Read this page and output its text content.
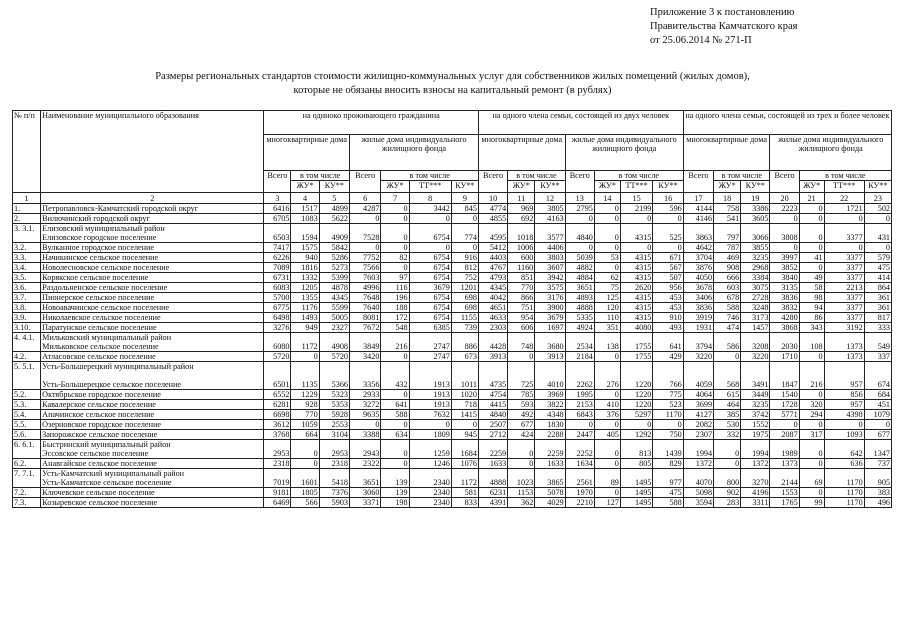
Приложение 3 к постановлению
Правительства Камчатского края
от 25.06.2014 № 271-П
Размеры региональных стандартов стоимости жилищно-коммунальных услуг для собственников жилых помещений (жилых домов),
которые не обязаны вносить взносы на капитальный ремонт (в рублях)
№ п/п	Наименование муниципального образования	на одиноко проживающего гражданина							на одного члена семьи, состоящей из двух человек							на одного члена семьи, состоящей из трех и более человек						
		многоквартирные дома			жилые дома индивидуального жилищного фонда				многоквартирные дома			жилые дома индивидуального жилищного фонда				многоквартирные дома			жилые дома индивидуального жилищного фонда			
		Всего	в том числе		Всего	в том числе			Всего	в том числе		Всего	в том числе			Всего	в том числе		Всего	в том числе		
			ЖУ*	КУ**		ЖУ*	ТТ***	КУ**		ЖУ*	КУ**		ЖУ*	ТТ***	КУ**		ЖУ*	КУ**		ЖУ*	ТТ***	КУ**
1	2	3	4	5	6	7	8	9	10	11	12	13	14	15	16	17	18	19	20	21	22	23
1.	Петропавловск-Камчатский городской округ	6416	1517	4899	4287	0	3442	845	4774	969	3805	2795	0	2199	596	4144	758	3386	2223	0	1721	502
2.	Вилючинский городской округ	6705	1083	5622	0	0	0	0	4855	692	4163	0	0	0	0	4146	541	3605	0	0	0	0
3. 3.1.	Елизовский муниципальный район
Елизовское городское поселение	6503	1594	4909	7528	0	6754	774	4595	1018	3577	4840	0	4315	525	3863	797	3066	3808	0	3377	431
3.2.	Вулканное городское поселение	7417	1575	5842	0	0	0	0	5412	1006	4406	0	0	0	0	4642	787	3855	0	0	0	0
3.3.	Начикинское сельское поселение	6226	940	5286	7752	82	6754	916	4403	600	3803	5039	53	4315	671	3704	469	3235	3997	41	3377	579
3.4.	Новолесновское сельское поселение	7089	1816	5273	7566	0	6754	812	4767	1160	3607	4882	0	4315	567	3876	908	2968	3852	0	3377	475
3.5.	Корякское сельское поселение	6731	1332	5399	7603	97	6754	752	4793	851	3942	4884	62	4315	507	4050	666	3384	3840	49	3377	414
3.6.	Раздольненское сельское поселение	6083	1205	4878	4996	116	3679	1201	4345	770	3575	3651	75	2620	956	3678	603	3075	3135	58	2213	864
3.7.	Пионерское сельское поселение	5700	1355	4345	7648	196	6754	698	4042	866	3176	4893	125	4315	453	3406	678	2728	3836	98	3377	361
3.8.	Новоавачинское сельское поселение	6775	1176	5599	7640	188	6754	698	4651	751	3900	4888	120	4315	453	3836	588	3248	3832	94	3377	361
3.9.	Николаевское сельское поселение	6498	1493	5005	8081	172	6754	1155	4633	954	3679	5335	110	4315	910	3919	746	3173	4280	86	3377	817
3.10.	Паратунское сельское поселение	3276	949	2327	7672	548	6385	739	2303	606	1697	4924	351	4080	493	1931	474	1457	3868	343	3192	333
4. 4.1.	Мильковский муниципальный район
Мильковское сельское поселение	6080	1172	4908	3849	216	2747	886	4428	748	3680	2534	138	1755	641	3794	586	3208	2030	108	1373	549
4.2.	Атласовское сельское поселение	5720	0	5720	3420	0	2747	673	3913	0	3913	2184	0	1755	429	3220	0	3220	1710	0	1373	337
5. 5.1.	Усть-Большерецкий муниципальный район

Усть-Большерецкое сельское поселение	6501	1135	5366	3356	432	1913	1011	4735	725	4010	2262	276	1220	766	4059	568	3491	1847	216	957	674
5.2.	Октябрьское городское поселение	6552	1229	5323	2933	0	1913	1020	4754	785	3969	1995	0	1220	775	4064	615	3449	1540	0	856	684
5.3.	Кавалерское сельское поселение	6281	928	5353	3272	641	1913	718	4415	593	3822	2153	410	1220	523	3699	464	3235	1728	320	957	451
5.4.	Апачинское сельское поселение	6698	770	5928	9635	588	7632	1415	4840	492	4348	6843	376	5297	1170	4127	385	3742	5771	294	4398	1079
5.5.	Озерновское городское поселение	3612	1059	2553	0	0	0	0	2507	677	1830	0	0	0	0	2082	530	1552	0	0	0	0
5.6.	Запорожское сельское поселение	3768	664	3104	3388	634	1809	945	2712	424	2288	2447	405	1292	750	2307	332	1975	2087	317	1093	677
6. 6.1.	Быстринский муниципальный район
Эссовское сельское поселение	2953	0	2953	2943	0	1259	1684	2259	0	2259	2252	0	813	1439	1994	0	1994	1989	0	642	1347
6.2.	Анавгайское сельское поселение	2318	0	2318	2322	0	1246	1076	1633	0	1633	1634	0	805	829	1372	0	1372	1373	0	636	737
7. 7.1.	Усть-Камчатский муниципальный район
Усть-Камчатское сельское поселение	7019	1601	5418	3651	139	2340	1172	4888	1023	3865	2561	89	1495	977	4070	800	3270	2144	69	1170	905
7.2.	Ключевское сельское поселение	9181	1805	7376	3060	139	2340	581	6231	1153	5078	1970	0	1495	475	5098	902	4196	1553	0	1170	383
7.3.	Козыревское сельское поселение	6469	566	5903	3371	198	2340	833	4391	362	4029	2210	127	1495	588	3594	283	3311	1765	99	1170	496
